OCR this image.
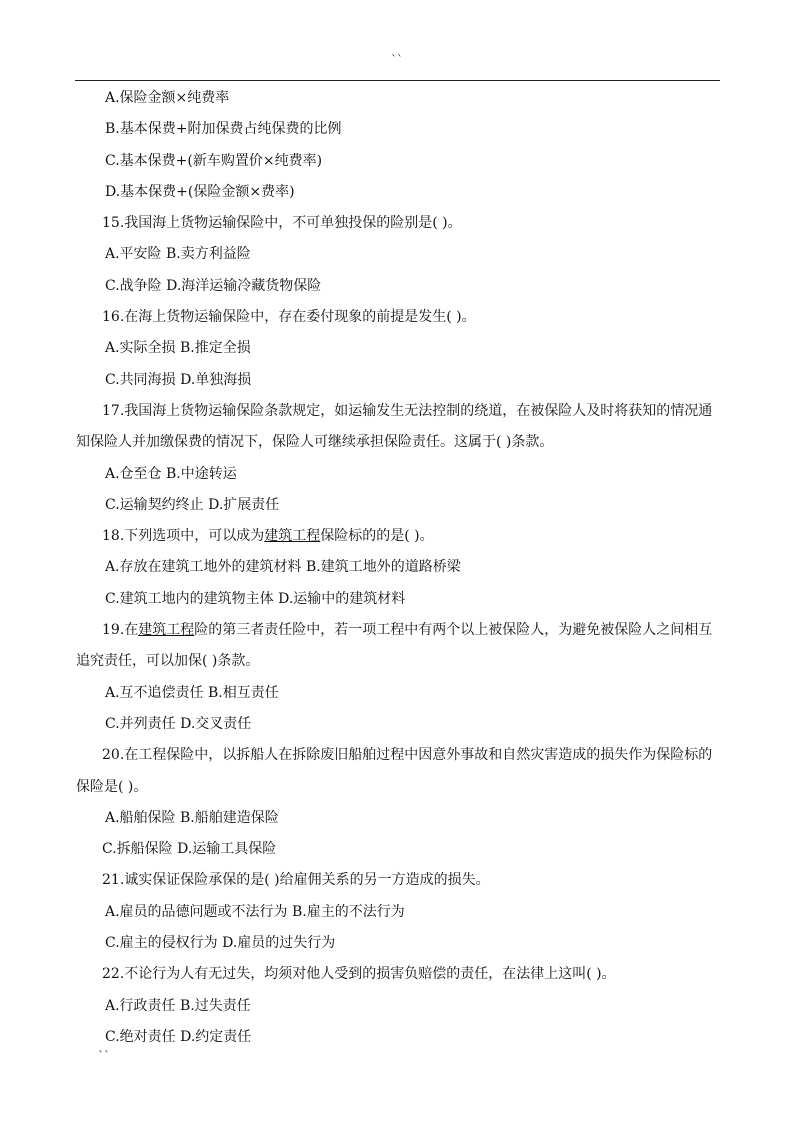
``
A.保险金额×纯费率
B.基本保费+附加保费占纯保费的比例
C.基本保费+(新车购置价×纯费率)
D.基本保费+(保险金额×费率)
15.我国海上货物运输保险中，不可单独投保的险别是( )。
A.平安险 B.卖方利益险
C.战争险 D.海洋运输冷藏货物保险
16.在海上货物运输保险中，存在委付现象的前提是发生( )。
A.实际全损 B.推定全损
C.共同海损 D.单独海损
17.我国海上货物运输保险条款规定，如运输发生无法控制的绕道，在被保险人及时将获知的情况通
知保险人并加缴保费的情况下，保险人可继续承担保险责任。这属于( )条款。
A.仓至仓 B.中途转运
C.运输契约终止 D.扩展责任
18.下列选项中，可以成为建筑工程保险标的的是( )。
A.存放在建筑工地外的建筑材料 B.建筑工地外的道路桥梁
C.建筑工地内的建筑物主体 D.运输中的建筑材料
19.在建筑工程险的第三者责任险中，若一项工程中有两个以上被保险人，为避免被保险人之间相互
追究责任，可以加保( )条款。
A.互不追偿责任 B.相互责任
C.并列责任 D.交叉责任
20.在工程保险中，以拆船人在拆除废旧船舶过程中因意外事故和自然灾害造成的损失作为保险标的
保险是( )。
A.船舶保险 B.船舶建造保险
C.拆船保险 D.运输工具保险
21.诚实保证保险承保的是( )给雇佣关系的另一方造成的损失。
A.雇员的品德问题或不法行为 B.雇主的不法行为
C.雇主的侵权行为 D.雇员的过失行为
22.不论行为人有无过失，均须对他人受到的损害负赔偿的责任，在法律上这叫( )。
A.行政责任 B.过失责任
C.绝对责任 D.约定责任
``
